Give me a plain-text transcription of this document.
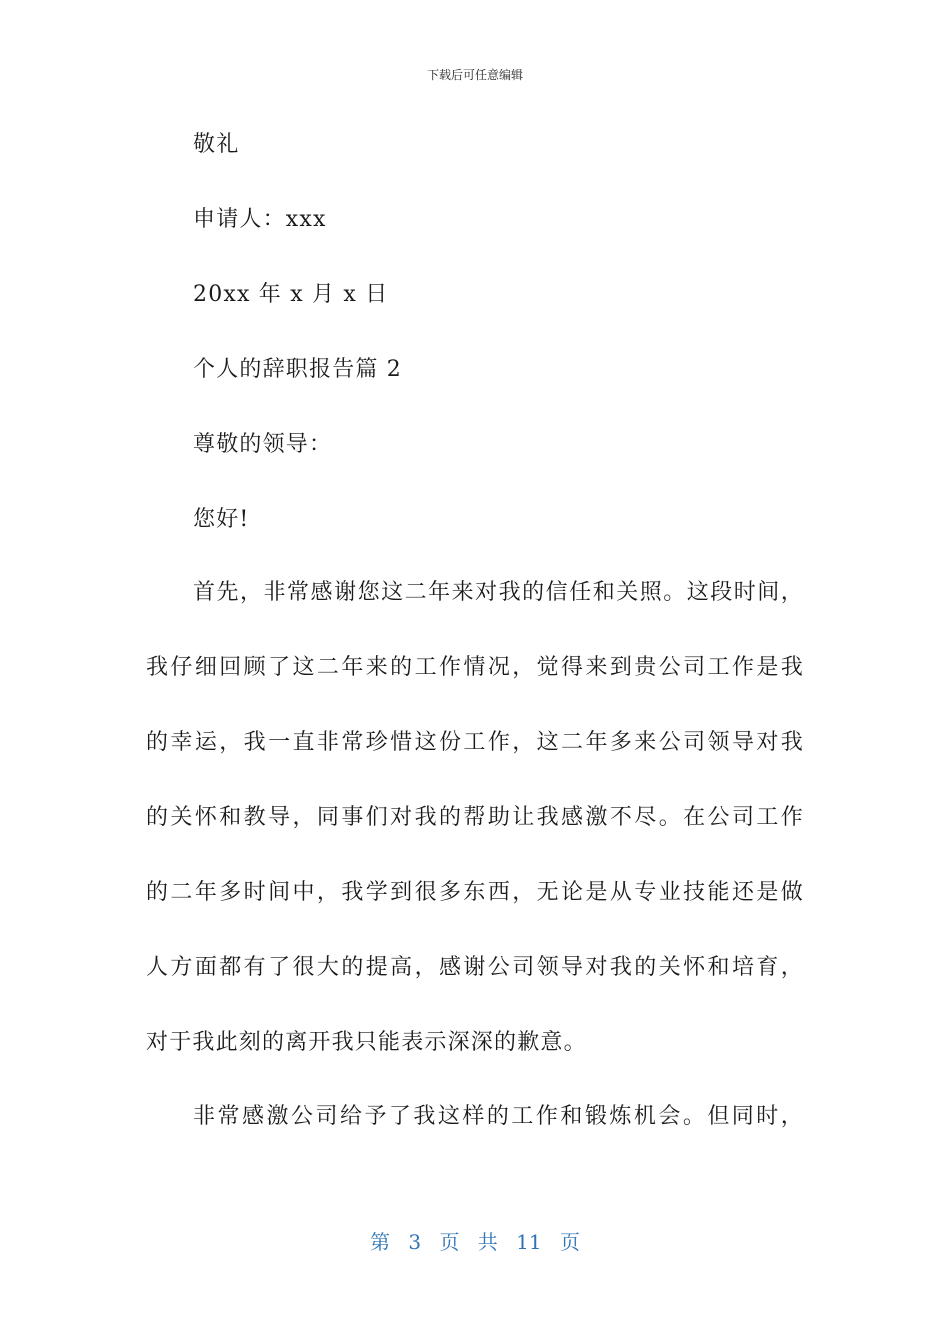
下载后可任意编辑
敬礼
申请人：xxx
20xx 年 x 月 x 日
个人的辞职报告篇 2
尊敬的领导：
您好!
首先，非常感谢您这二年来对我的信任和关照。这段时间，
我仔细回顾了这二年来的工作情况，觉得来到贵公司工作是我
的幸运，我一直非常珍惜这份工作，这二年多来公司领导对我
的关怀和教导，同事们对我的帮助让我感激不尽。在公司工作
的二年多时间中，我学到很多东西，无论是从专业技能还是做
人方面都有了很大的提高，感谢公司领导对我的关怀和培育，
对于我此刻的离开我只能表示深深的歉意。
非常感激公司给予了我这样的工作和锻炼机会。但同时，
第 3 页 共 11 页
